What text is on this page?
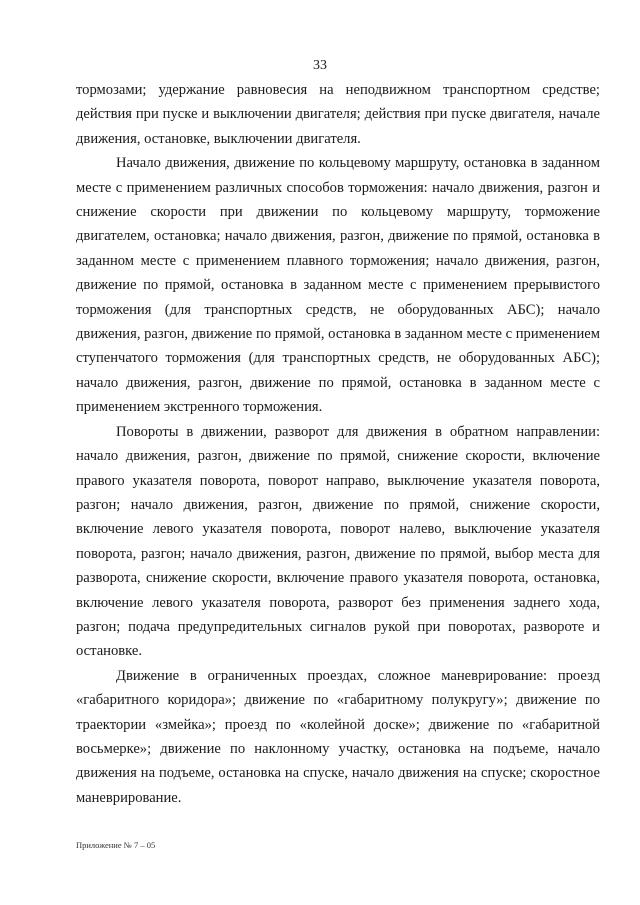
33

тормозами; удержание равновесия на неподвижном транспортном средстве; действия при пуске и выключении двигателя; действия при пуске двигателя, начале движения, остановке, выключении двигателя.

Начало движения, движение по кольцевому маршруту, остановка в заданном месте с применением различных способов торможения: начало движения, разгон и снижение скорости при движении по кольцевому маршруту, торможение двигателем, остановка; начало движения, разгон, движение по прямой, остановка в заданном месте с применением плавного торможения; начало движения, разгон, движение по прямой, остановка в заданном месте с применением прерывистого торможения (для транспортных средств, не оборудованных АБС); начало движения, разгон, движение по прямой, остановка в заданном месте с применением ступенчатого торможения (для транспортных средств, не оборудованных АБС); начало движения, разгон, движение по прямой, остановка в заданном месте с применением экстренного торможения.

Повороты в движении, разворот для движения в обратном направлении: начало движения, разгон, движение по прямой, снижение скорости, включение правого указателя поворота, поворот направо, выключение указателя поворота, разгон; начало движения, разгон, движение по прямой, снижение скорости, включение левого указателя поворота, поворот налево, выключение указателя поворота, разгон; начало движения, разгон, движение по прямой, выбор места для разворота, снижение скорости, включение правого указателя поворота, остановка, включение левого указателя поворота, разворот без применения заднего хода, разгон; подача предупредительных сигналов рукой при поворотах, развороте и остановке.

Движение в ограниченных проездах, сложное маневрирование: проезд «габаритного коридора»; движение по «габаритному полукругу»; движение по траектории «змейка»; проезд по «колейной доске»; движение по «габаритной восьмерке»; движение по наклонному участку, остановка на подъеме, начало движения на подъеме, остановка на спуске, начало движения на спуске; скоростное маневрирование.

Приложение № 7 – 05
